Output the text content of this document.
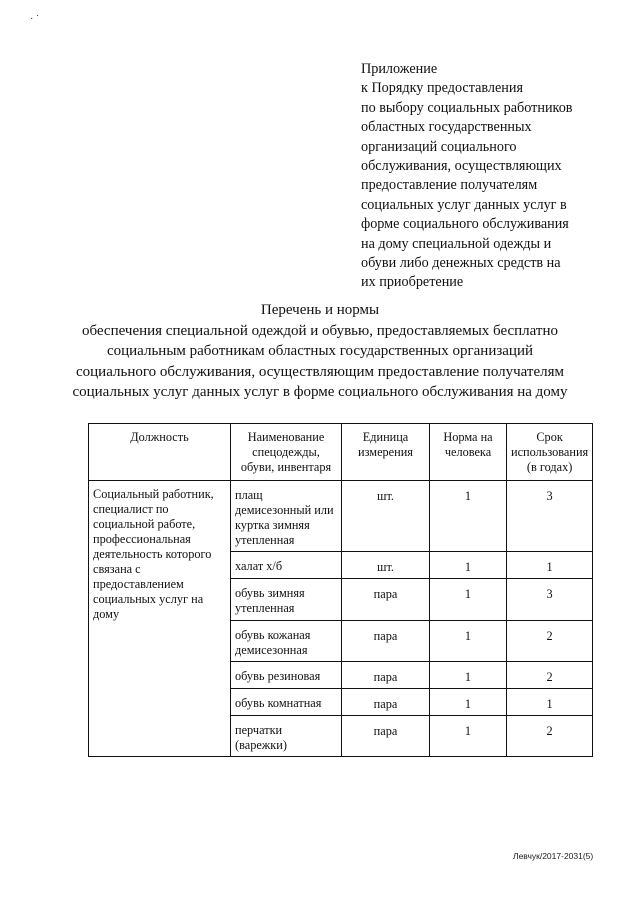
· ˙
Приложение
к Порядку предоставления
по выбору социальных работников
областных государственных
организаций социального
обслуживания, осуществляющих
предоставление получателям
социальных услуг данных услуг в
форме социального обслуживания
на дому специальной одежды и
обуви либо денежных средств на
их приобретение
Перечень и нормы
обеспечения специальной одеждой и обувью, предоставляемых бесплатно
социальным работникам областных государственных организаций
социального обслуживания, осуществляющим предоставление получателям
социальных услуг данных услуг в форме социального обслуживания на дому
Должность	Наименование спецодежды, обуви, инвентаря	Единица измерения	Норма на человека	Срок использования (в годах)
Социальный работник, специалист по социальной работе, профессиональная деятельность которого связана с предоставлением социальных услуг на дому	плащ демисезонный или куртка зимняя утепленная	шт.	1	3
	халат х/б	шт.	1	1
	обувь зимняя утепленная	пара	1	3
	обувь кожаная демисезонная	пара	1	2
	обувь резиновая	пара	1	2
	обувь комнатная	пара	1	1
	перчатки (варежки)	пара	1	2
Левчук/2017-2031(5)
